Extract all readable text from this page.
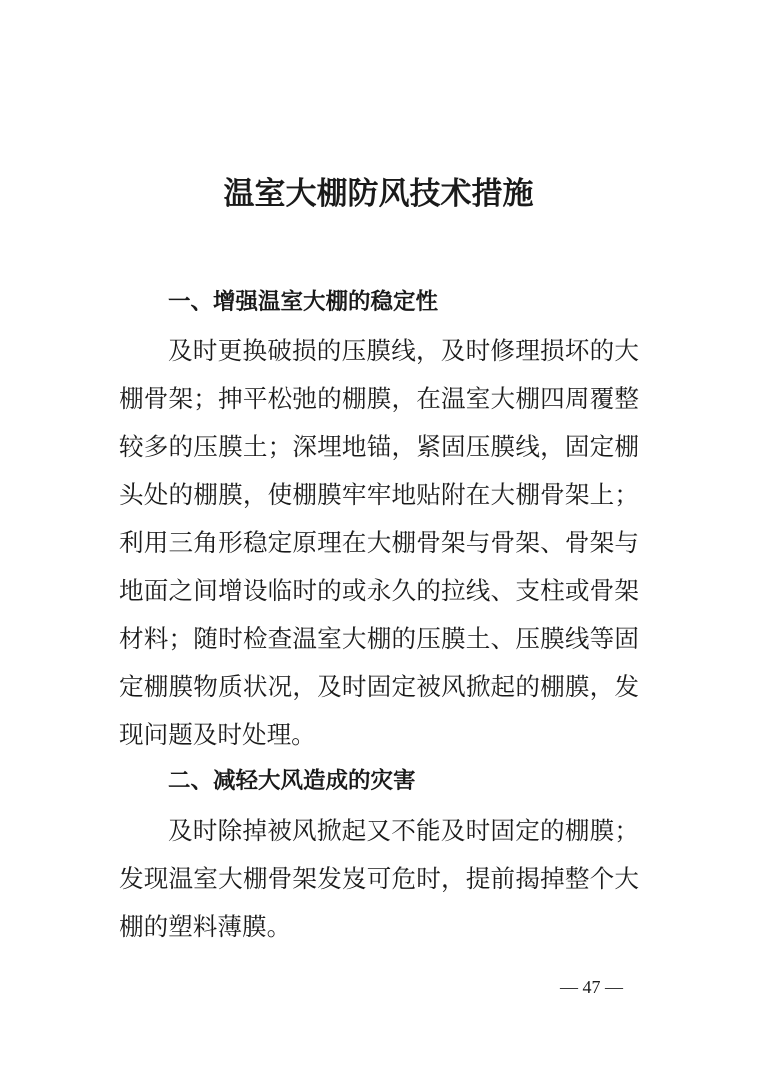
温室大棚防风技术措施
一、增强温室大棚的稳定性

及时更换破损的压膜线，及时修理损坏的大棚骨架；抻平松弛的棚膜，在温室大棚四周覆整较多的压膜土；深埋地锚，紧固压膜线，固定棚头处的棚膜，使棚膜牢牢地贴附在大棚骨架上；利用三角形稳定原理在大棚骨架与骨架、骨架与地面之间增设临时的或永久的拉线、支柱或骨架材料；随时检查温室大棚的压膜土、压膜线等固定棚膜物质状况，及时固定被风掀起的棚膜，发现问题及时处理。

二、减轻大风造成的灾害

及时除掉被风掀起又不能及时固定的棚膜；发现温室大棚骨架发岌可危时，提前揭掉整个大棚的塑料薄膜。

— 47 —
